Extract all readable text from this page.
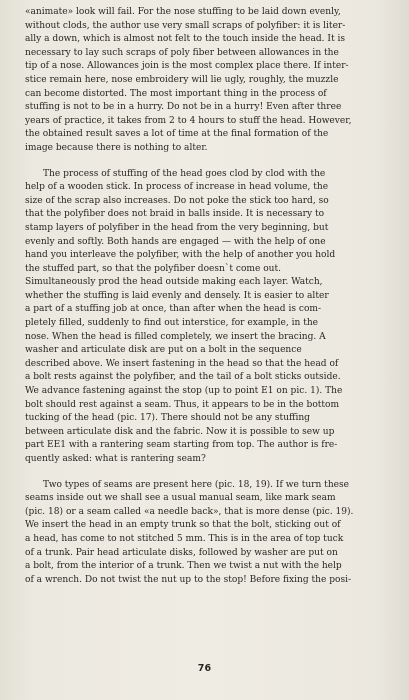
«animate» look will fail. For the nose stuffing to be laid down evenly,
without clods, the author use very small scraps of polyfiber: it is liter-
ally a down, which is almost not felt to the touch inside the head. It is
necessary to lay such scraps of poly fiber between allowances in the
tip of a nose. Allowances join is the most complex place there. If inter-
stice remain here, nose embroidery will lie ugly, roughly, the muzzle
can become distorted. The most important thing in the process of
stuffing is not to be in a hurry. Do not be in a hurry! Even after three
years of practice, it takes from 2 to 4 hours to stuff the head. However,
the obtained result saves a lot of time at the final formation of the
image because there is nothing to alter.

The process of stuffing of the head goes clod by clod with the
help of a wooden stick. In process of increase in head volume, the
size of the scrap also increases. Do not poke the stick too hard, so
that the polyfiber does not braid in balls inside. It is necessary to
stamp layers of polyfiber in the head from the very beginning, but
evenly and softly. Both hands are engaged — with the help of one
hand you interleave the polyfiber, with the help of another you hold
the stuffed part, so that the polyfiber doesn`t come out.
Simultaneously prod the head outside making each layer. Watch,
whether the stuffing is laid evenly and densely. It is easier to alter
a part of a stuffing job at once, than after when the head is com-
pletely filled, suddenly to find out interstice, for example, in the
nose. When the head is filled completely, we insert the bracing. A
washer and articulate disk are put on a bolt in the sequence
described above. We insert fastening in the head so that the head of
a bolt rests against the polyfiber, and the tail of a bolt sticks outside.
We advance fastening against the stop (up to point E1 on pic. 1). The
bolt should rest against a seam. Thus, it appears to be in the bottom
tucking of the head (pic. 17). There should not be any stuffing
between articulate disk and the fabric. Now it is possible to sew up
part EE1 with a rantering seam starting from top. The author is fre-
quently asked: what is rantering seam?

Two types of seams are present here (pic. 18, 19). If we turn these
seams inside out we shall see a usual manual seam, like mark seam
(pic. 18) or a seam called «a needle back», that is more dense (pic. 19).
We insert the head in an empty trunk so that the bolt, sticking out of
a head, has come to not stitched 5 mm. This is in the area of top tuck
of a trunk. Pair head articulate disks, followed by washer are put on
a bolt, from the interior of a trunk. Then we twist a nut with the help
of a wrench. Do not twist the nut up to the stop! Before fixing the posi-

76
